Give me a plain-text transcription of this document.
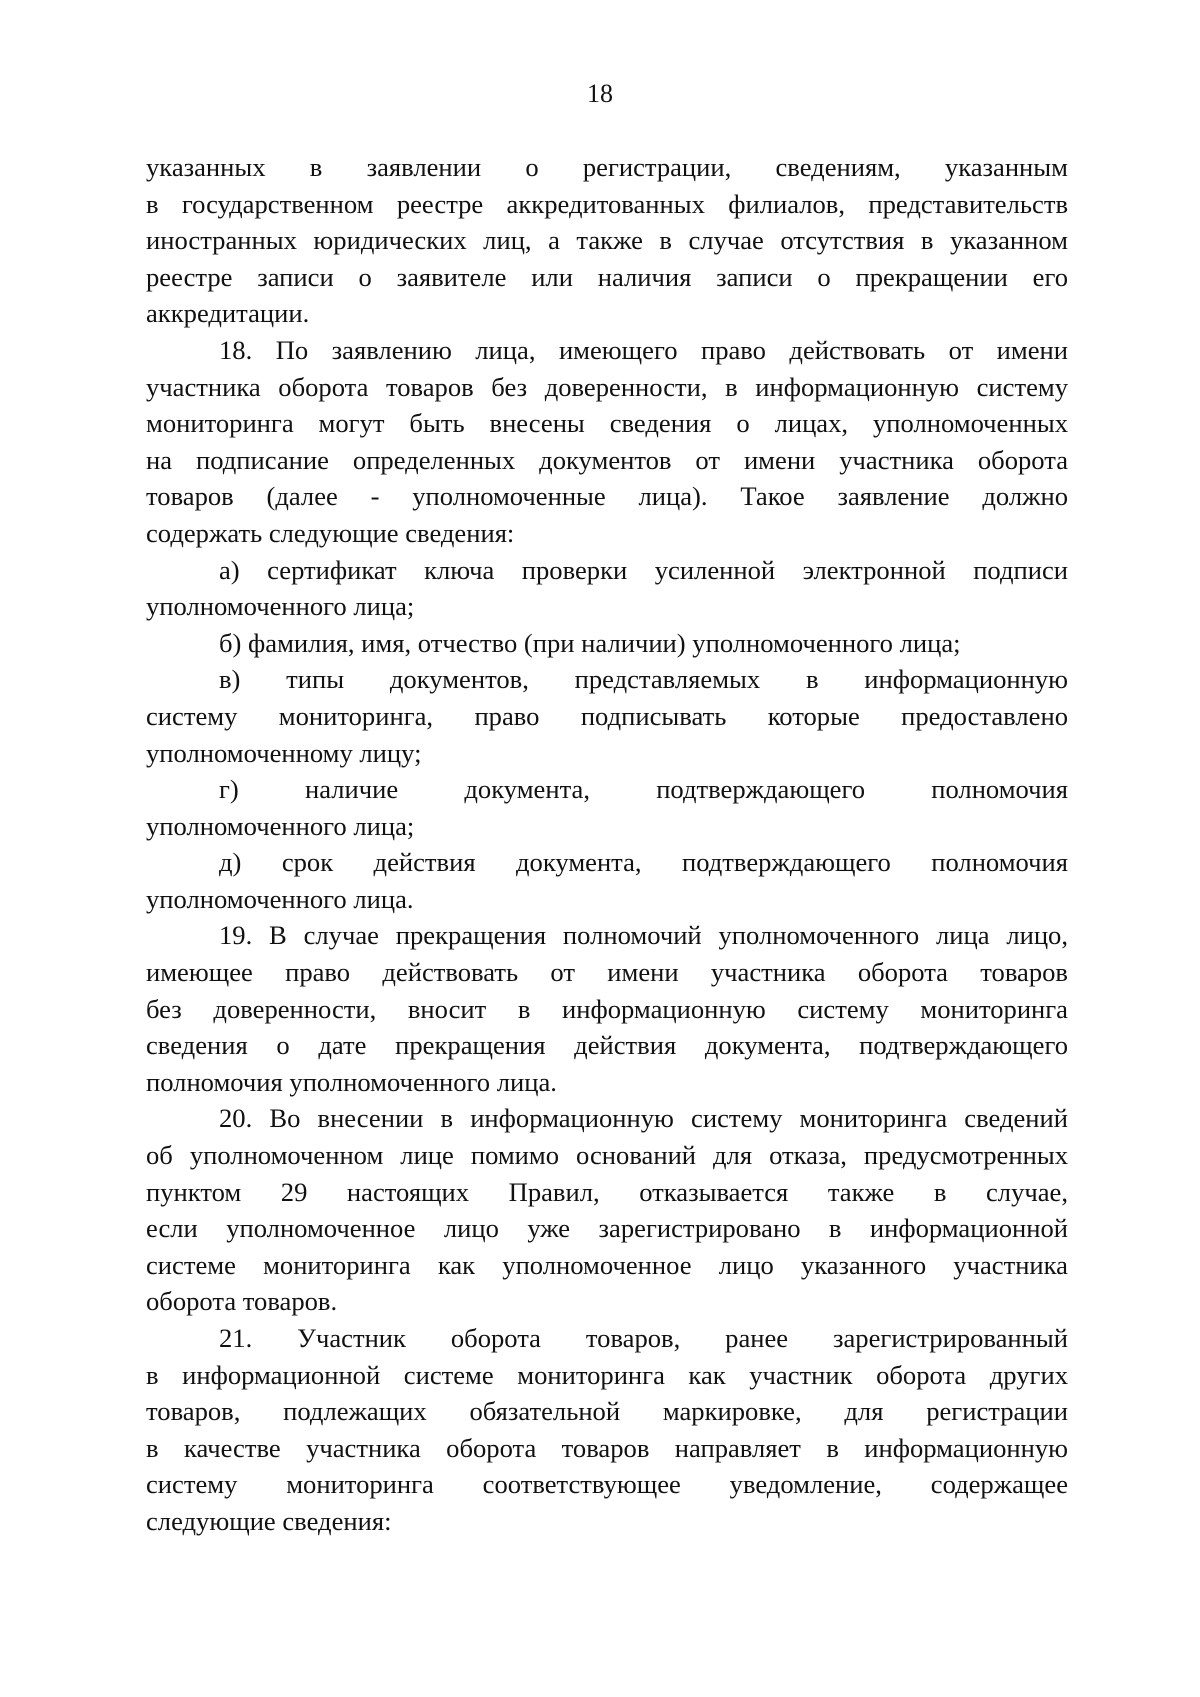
18
указанных в заявлении о регистрации, сведениям, указанным
в государственном реестре аккредитованных филиалов, представительств
иностранных юридических лиц, а также в случае отсутствия в указанном
реестре записи о заявителе или наличия записи о прекращении его
аккредитации.
18. По заявлению лица, имеющего право действовать от имени
участника оборота товаров без доверенности, в информационную систему
мониторинга могут быть внесены сведения о лицах, уполномоченных
на подписание определенных документов от имени участника оборота
товаров (далее - уполномоченные лица). Такое заявление должно
содержать следующие сведения:
а) сертификат ключа проверки усиленной электронной подписи
уполномоченного лица;
б) фамилия, имя, отчество (при наличии) уполномоченного лица;
в) типы документов, представляемых в информационную
систему мониторинга, право подписывать которые предоставлено
уполномоченному лицу;
г) наличие документа, подтверждающего полномочия
уполномоченного лица;
д) срок действия документа, подтверждающего полномочия
уполномоченного лица.
19. В случае прекращения полномочий уполномоченного лица лицо,
имеющее право действовать от имени участника оборота товаров
без доверенности, вносит в информационную систему мониторинга
сведения о дате прекращения действия документа, подтверждающего
полномочия уполномоченного лица.
20. Во внесении в информационную систему мониторинга сведений
об уполномоченном лице помимо оснований для отказа, предусмотренных
пунктом 29 настоящих Правил, отказывается также в случае,
если уполномоченное лицо уже зарегистрировано в информационной
системе мониторинга как уполномоченное лицо указанного участника
оборота товаров.
21. Участник оборота товаров, ранее зарегистрированный
в информационной системе мониторинга как участник оборота других
товаров, подлежащих обязательной маркировке, для регистрации
в качестве участника оборота товаров направляет в информационную
систему мониторинга соответствующее уведомление, содержащее
следующие сведения:
